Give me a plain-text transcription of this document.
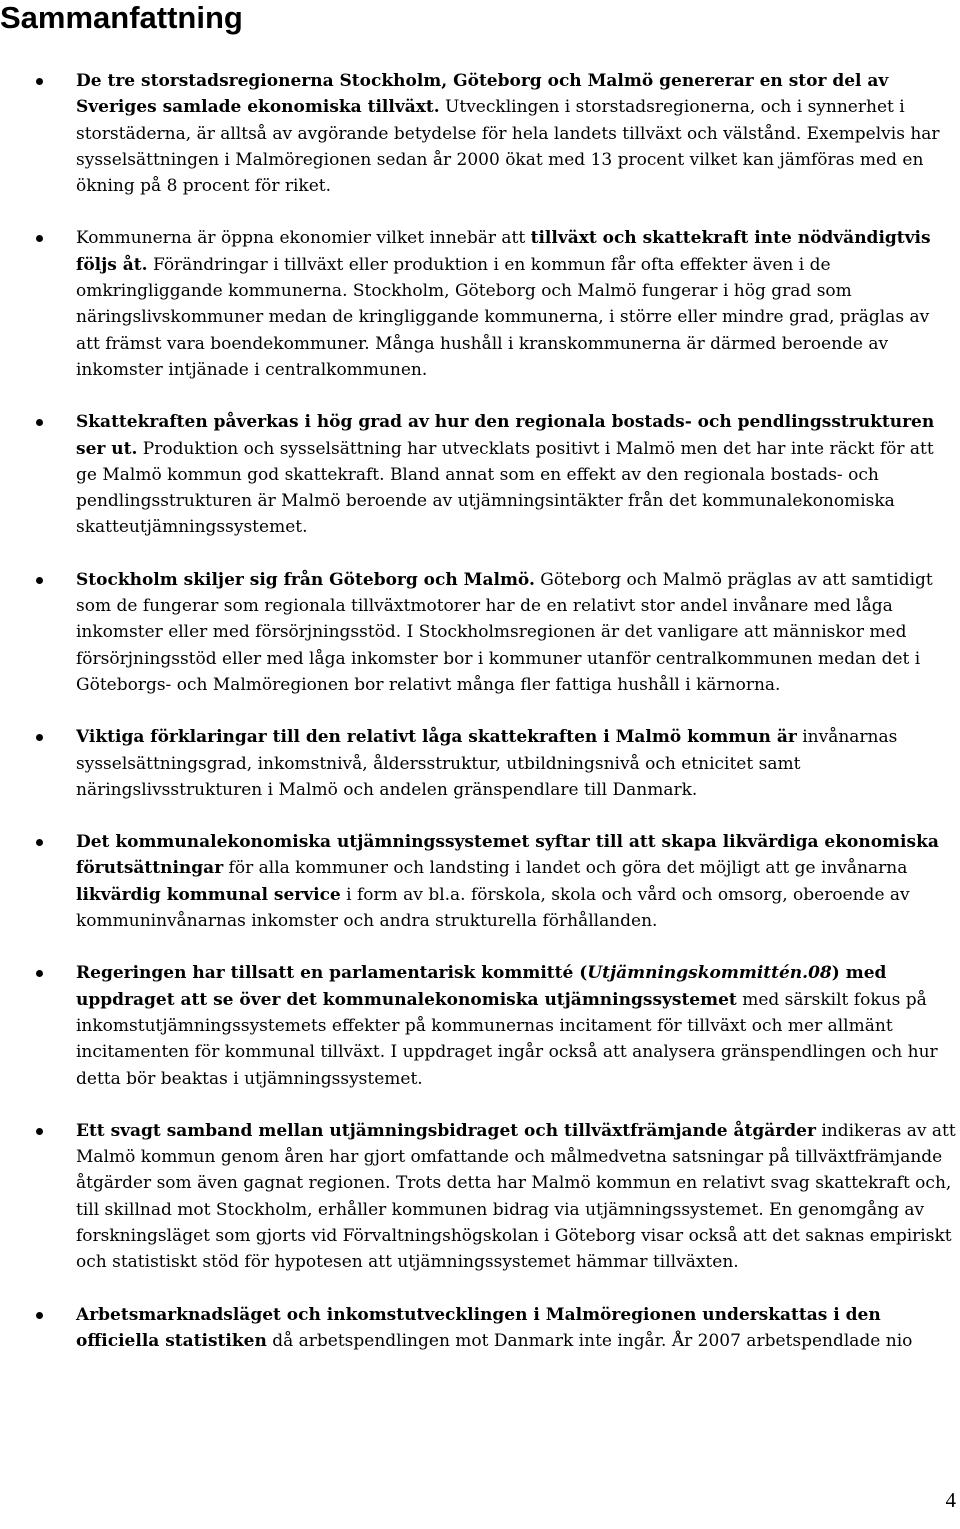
Sammanfattning
De tre storstadsregionerna Stockholm, Göteborg och Malmö genererar en stor del av Sveriges samlade ekonomiska tillväxt. Utvecklingen i storstadsregionerna, och i synnerhet i storstäderna, är alltså av avgörande betydelse för hela landets tillväxt och välstånd. Exempelvis har sysselsättningen i Malmöregionen sedan år 2000 ökat med 13 procent vilket kan jämföras med en ökning på 8 procent för riket.
Kommunerna är öppna ekonomier vilket innebär att tillväxt och skattekraft inte nödvändigtvis följs åt. Förändringar i tillväxt eller produktion i en kommun får ofta effekter även i de omkringliggande kommunerna. Stockholm, Göteborg och Malmö fungerar i hög grad som näringslivskommuner medan de kringliggande kommunerna, i större eller mindre grad, präglas av att främst vara boendekommuner. Många hushåll i kranskommunerna är därmed beroende av inkomster intjänade i centralkommunen.
Skattekraften påverkas i hög grad av hur den regionala bostads- och pendlingsstrukturen ser ut. Produktion och sysselsättning har utvecklats positivt i Malmö men det har inte räckt för att ge Malmö kommun god skattekraft. Bland annat som en effekt av den regionala bostads- och pendlingsstrukturen är Malmö beroende av utjämningsintäkter från det kommunalekonomiska skatteutjämningssystemet.
Stockholm skiljer sig från Göteborg och Malmö. Göteborg och Malmö präglas av att samtidigt som de fungerar som regionala tillväxtmotorer har de en relativt stor andel invånare med låga inkomster eller med försörjningsstöd. I Stockholmsregionen är det vanligare att människor med försörjningsstöd eller med låga inkomster bor i kommuner utanför centralkommunen medan det i Göteborgs- och Malmöregionen bor relativt många fler fattiga hushåll i kärnorna.
Viktiga förklaringar till den relativt låga skattekraften i Malmö kommun är invånarnas sysselsättningsgrad, inkomstnivå, åldersstruktur, utbildningsnivå och etnicitet samt näringslivsstrukturen i Malmö och andelen gränspendlare till Danmark.
Det kommunalekonomiska utjämningssystemet syftar till att skapa likvärdiga ekonomiska förutsättningar för alla kommuner och landsting i landet och göra det möjligt att ge invånarna likvärdig kommunal service i form av bl.a. förskola, skola och vård och omsorg, oberoende av kommuninvånarnas inkomster och andra strukturella förhållanden.
Regeringen har tillsatt en parlamentarisk kommitté (Utjämningskommittén.08) med uppdraget att se över det kommunalekonomiska utjämningssystemet med särskilt fokus på inkomstutjämningssystemets effekter på kommunernas incitament för tillväxt och mer allmänt incitamenten för kommunal tillväxt. I uppdraget ingår också att analysera gränspendlingen och hur detta bör beaktas i utjämningssystemet.
Ett svagt samband mellan utjämningsbidraget och tillväxtfrämjande åtgärder indikeras av att Malmö kommun genom åren har gjort omfattande och målmedvetna satsningar på tillväxtfrämjande åtgärder som även gagnat regionen. Trots detta har Malmö kommun en relativt svag skattekraft och, till skillnad mot Stockholm, erhåller kommunen bidrag via utjämningssystemet. En genomgång av forskningsläget som gjorts vid Förvaltningshögskolan i Göteborg visar också att det saknas empiriskt och statistiskt stöd för hypotesen att utjämningssystemet hämmar tillväxten.
Arbetsmarknadsläget och inkomstutvecklingen i Malmöregionen underskattas i den officiella statistiken då arbetspendlingen mot Danmark inte ingår. År 2007 arbetspendlade nio
4
